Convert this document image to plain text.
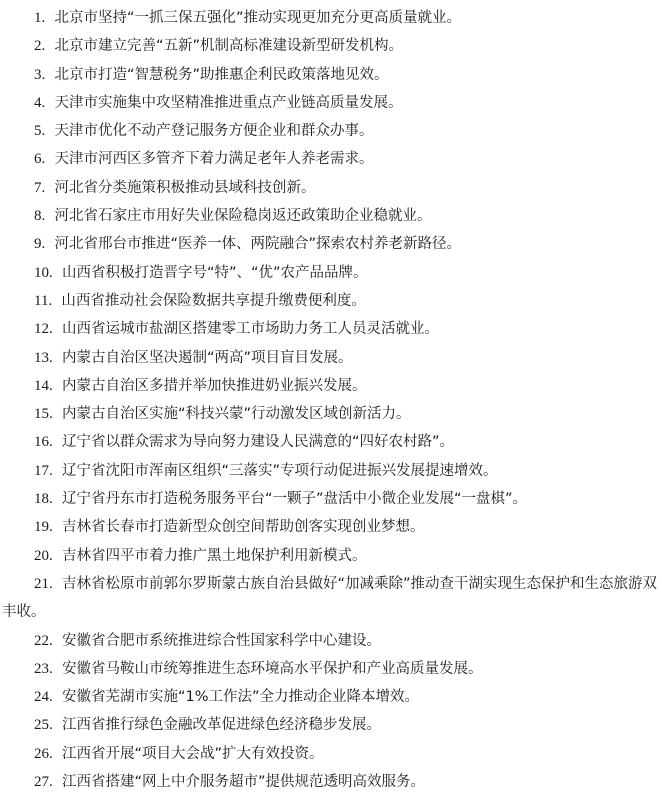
1. 北京市坚持“一抓三保五强化”推动实现更加充分更高质量就业。

2. 北京市建立完善“五新”机制高标准建设新型研发机构。

3. 北京市打造“智慧税务”助推惠企利民政策落地见效。

4. 天津市实施集中攻坚精准推进重点产业链高质量发展。

5. 天津市优化不动产登记服务方便企业和群众办事。

6. 天津市河西区多管齐下着力满足老年人养老需求。

7. 河北省分类施策积极推动县域科技创新。

8. 河北省石家庄市用好失业保险稳岗返还政策助企业稳就业。

9. 河北省邢台市推进“医养一体、两院融合”探索农村养老新路径。

10. 山西省积极打造晋字号“特”、“优”农产品品牌。

11. 山西省推动社会保险数据共享提升缴费便利度。

12. 山西省运城市盐湖区搭建零工市场助力务工人员灵活就业。

13. 内蒙古自治区坚决遏制“两高”项目盲目发展。

14. 内蒙古自治区多措并举加快推进奶业振兴发展。

15. 内蒙古自治区实施“科技兴蒙”行动激发区域创新活力。

16. 辽宁省以群众需求为导向努力建设人民满意的“四好农村路”。

17. 辽宁省沈阳市浑南区组织“三落实”专项行动促进振兴发展提速增效。

18. 辽宁省丹东市打造税务服务平台“一颗子”盘活中小微企业发展“一盘棋”。

19. 吉林省长春市打造新型众创空间帮助创客实现创业梦想。

20. 吉林省四平市着力推广黑土地保护利用新模式。

21. 吉林省松原市前郭尔罗斯蒙古族自治县做好“加减乘除”推动查干湖实现生态保护和生态旅游双丰收。

22. 安徽省合肥市系统推进综合性国家科学中心建设。

23. 安徽省马鞍山市统筹推进生态环境高水平保护和产业高质量发展。

24. 安徽省芜湖市实施“1%工作法”全力推动企业降本增效。

25. 江西省推行绿色金融改革促进绿色经济稳步发展。

26. 江西省开展“项目大会战”扩大有效投资。

27. 江西省搭建“网上中介服务超市”提供规范透明高效服务。
